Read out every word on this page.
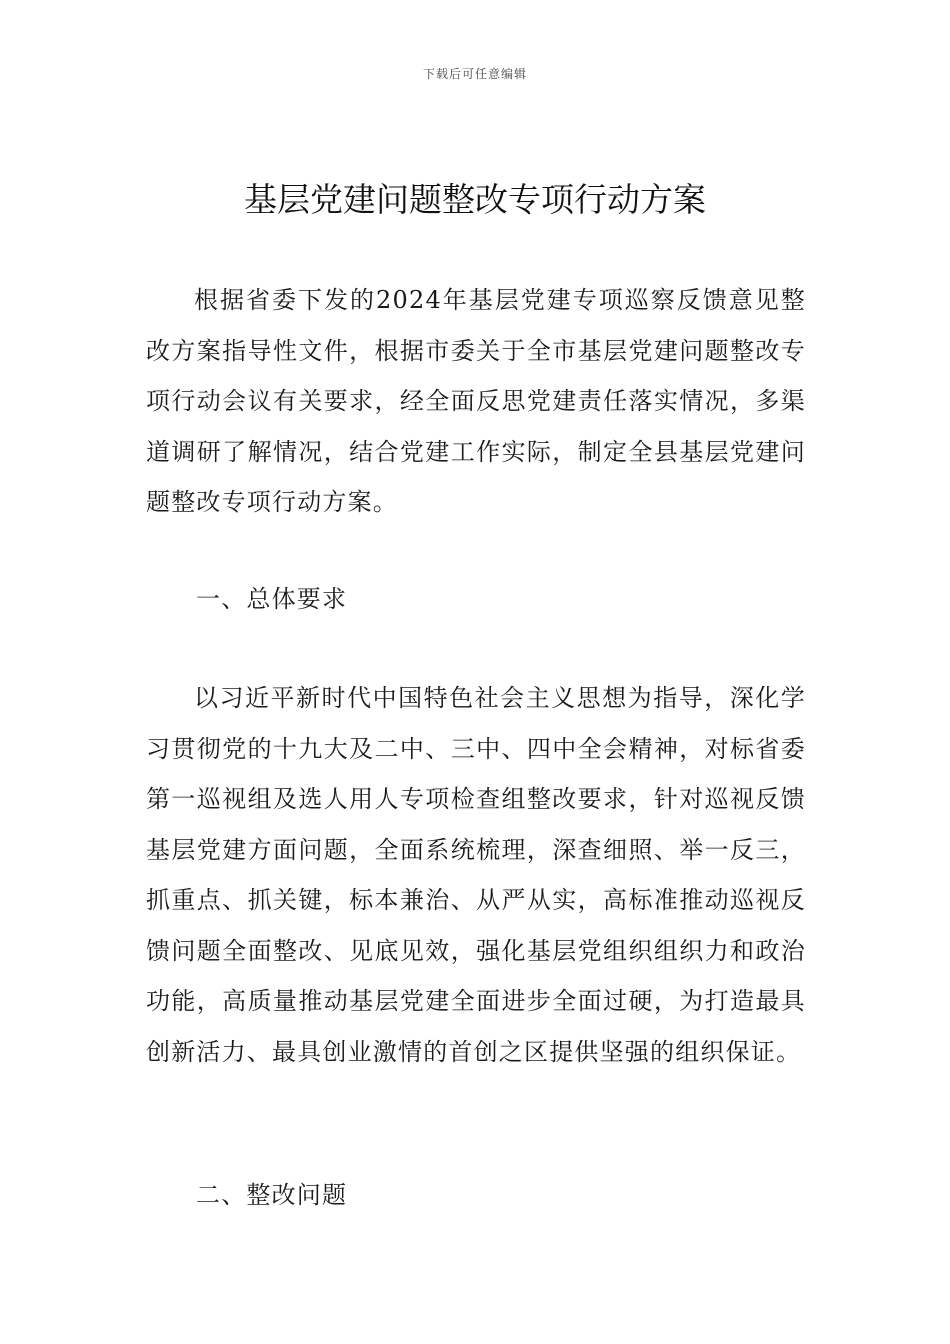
下载后可任意编辑
基层党建问题整改专项行动方案

根据省委下发的2024年基层党建专项巡察反馈意见整改方案指导性文件，根据市委关于全市基层党建问题整改专项行动会议有关要求，经全面反思党建责任落实情况，多渠道调研了解情况，结合党建工作实际，制定全县基层党建问题整改专项行动方案。

一、总体要求

以习近平新时代中国特色社会主义思想为指导，深化学习贯彻党的十九大及二中、三中、四中全会精神，对标省委第一巡视组及选人用人专项检查组整改要求，针对巡视反馈基层党建方面问题，全面系统梳理，深查细照、举一反三，抓重点、抓关键，标本兼治、从严从实，高标准推动巡视反馈问题全面整改、见底见效，强化基层党组织组织力和政治功能，高质量推动基层党建全面进步全面过硬，为打造最具创新活力、最具创业激情的首创之区提供坚强的组织保证。

二、整改问题
